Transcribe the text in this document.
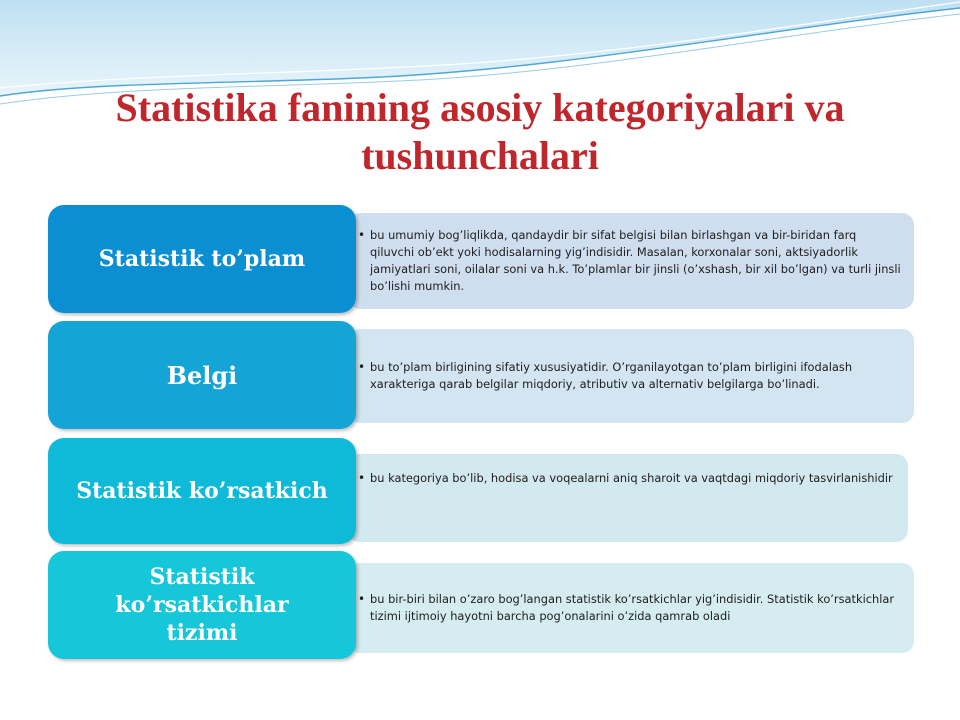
Statistika fanining asosiy kategoriyalari va tushunchalari
Statistik to’plam
• bu umumiy bog’liqlikda, qandaydir bir sifat belgisi bilan birlashgan va bir-biridan farq qiluvchi ob’ekt yoki hodisalarning yig’indisidir. Masalan, korxonalar soni, aktsiyadorlik jamiyatlari soni, oilalar soni va h.k. To’plamlar bir jinsli (o’xshash, bir xil bo’lgan) va turli jinsli bo’lishi mumkin.
Belgi	• bu to’plam birligining sifatiy xususiyatidir. O’rganilayotgan to’plam birligini ifodalash xarakteriga qarab belgilar miqdoriy, atributiv va alternativ belgilarga bo’linadi.
Statistik ko’rsatkich	• bu kategoriya bo’lib, hodisa va voqealarni aniq sharoit va vaqtdagi miqdoriy tasvirlanishidir
Statistik ko’rsatkichlar tizimi
• bu bir-biri bilan o’zaro bog’langan statistik ko’rsatkichlar yig’indisidir. Statistik ko’rsatkichlar tizimi ijtimoiy hayotni barcha pog’onalarini o’zida qamrab oladi
